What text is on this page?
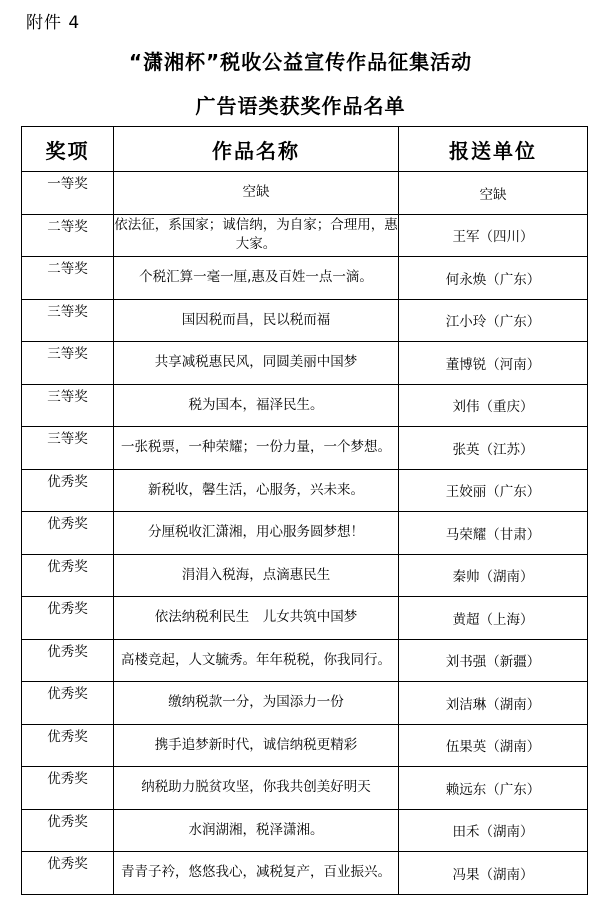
附件 4
“潇湘杯”税收公益宣传作品征集活动
广告语类获奖作品名单
奖项	作品名称	报送单位
一等奖	空缺	空缺
二等奖	依法征，系国家；诚信纳，为自家；合理用，惠大家。	王军（四川）
二等奖	个税汇算一毫一厘,惠及百姓一点一滴。	何永焕（广东）
三等奖	国因税而昌，民以税而福	江小玲（广东）
三等奖	共享减税惠民风，同圆美丽中国梦	董博锐（河南）
三等奖	税为国本，福泽民生。	刘伟（重庆）
三等奖	一张税票，一种荣耀；一份力量，一个梦想。	张英（江苏）
优秀奖	新税收，馨生活，心服务，兴未来。	王姣丽（广东）
优秀奖	分厘税收汇潇湘，用心服务圆梦想！	马荣耀（甘肃）
优秀奖	涓涓入税海，点滴惠民生	秦帅（湖南）
优秀奖	依法纳税利民生　儿女共筑中国梦	黄超（上海）
优秀奖	高楼竞起，人文毓秀。年年税税，你我同行。	刘书强（新疆）
优秀奖	缴纳税款一分，为国添力一份	刘洁琳（湖南）
优秀奖	携手追梦新时代，诚信纳税更精彩	伍果英（湖南）
优秀奖	纳税助力脱贫攻坚，你我共创美好明天	赖远东（广东）
优秀奖	水润湖湘，税泽潇湘。	田禾（湖南）
优秀奖	青青子衿，悠悠我心，减税复产，百业振兴。	冯果（湖南）
